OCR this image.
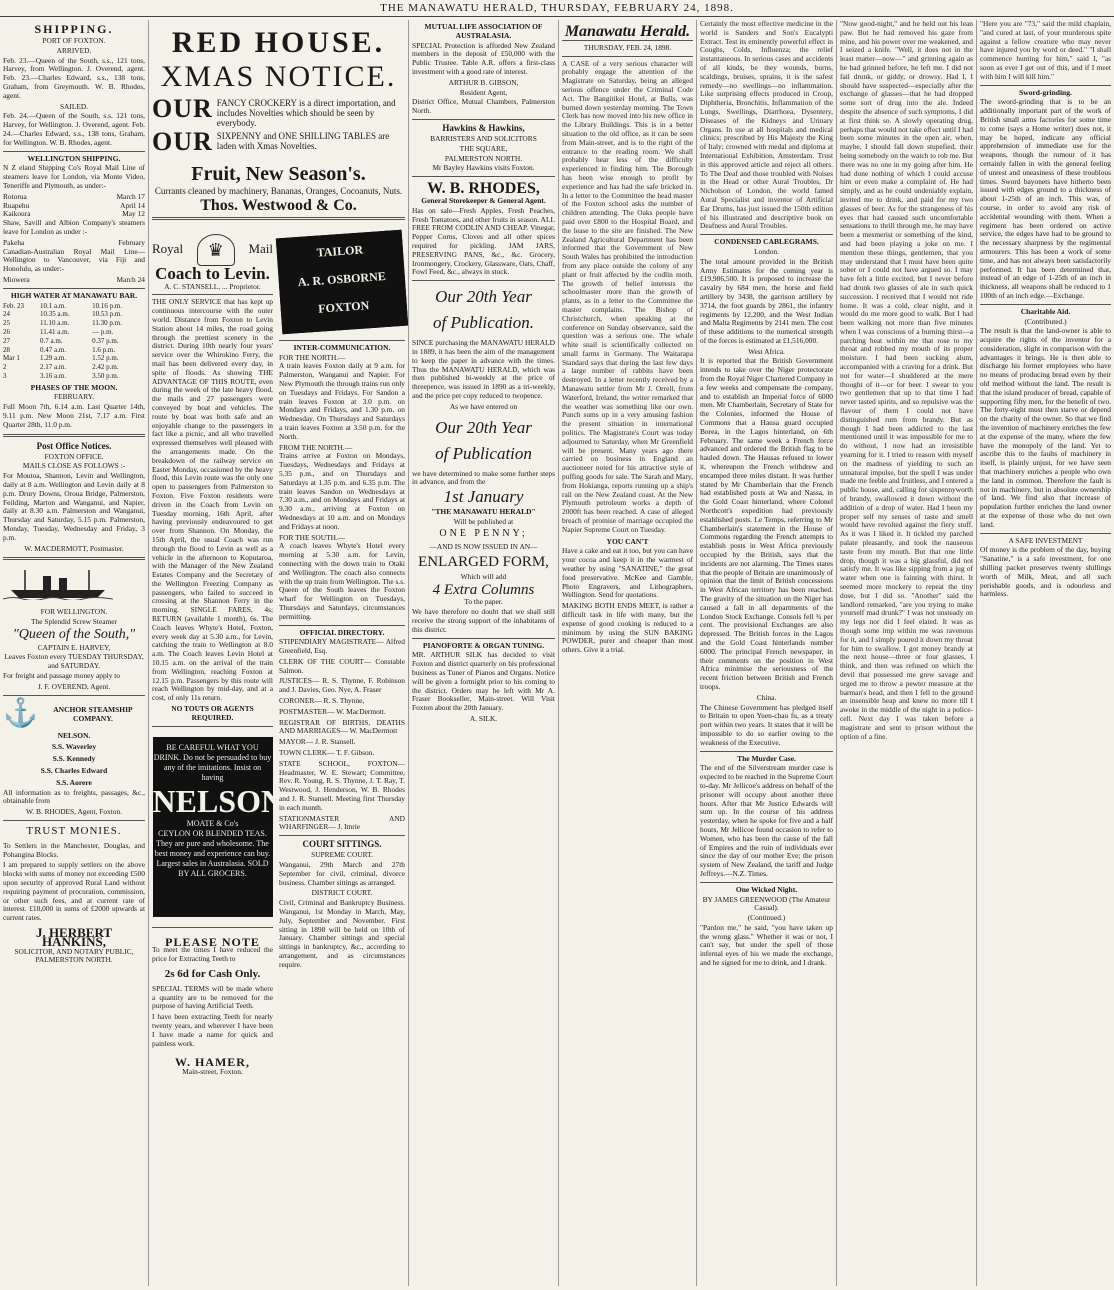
THE MANAWATU HERALD, THURSDAY, FEBRUARY 24, 1898.
SHIPPING.
PORT OF FOXTON.
ARRIVED.
Feb. 23.—Queen of the South, s.s., 121 tons, Harvey, from Wellington. J. Overend, agent. Feb. 23.—Charles Edward, s.s., 138 tons, Graham, from Greymouth. W. B. Rhodes, agent.
SAILED.
Feb. 24.—Queen of the South, s.s. 121 tons, Harvey, for Wellington. J. Overend, agent. Feb. 24.—Charles Edward, s.s., 138 tons, Graham, for Wellington. W. B. Rhodes, agent.
WELLINGTON SHIPPING.
N Z eland Shipping Co's Royal Mail Line of steamers leave for London, via Monte Video, Teneriffe and Plymouth, as under:-
Rotorua	March 17
Ruapehu	April 14
Kaikoura	May 12
Shaw, Savill and Albion Company's steamers leave for London as under :-
Pakeha	February
Canadian-Australian Royal Mail Line—Wellington to Vancouver, via Fiji and Honolulu, as under:-
Miowera	March 24
HIGH WATER AT MANAWATU BAR.
Feb. 23	10.1 a.m.	10.16 p.m.
24	10.35 a.m.	10.53 p.m.
25	11.10 a.m.	11.30 p.m.
26	11.41 a.m.	— p.m.
27	0.7 a.m.	0.37 p.m.
28	0.47 a.m.	1.6 p.m.
Mar 1	1.29 a.m.	1.52 p.m.
2	2.17 a.m.	2.42 p.m.
3	3.16 a.m.	3.50 p.m.
PHASES OF THE MOON.
FEBRUARY.
Full Moon 7th, 6.14 a.m. Last Quarter 14th, 9.11 p.m. New Moon 21st, 7.17 a.m. First Quarter 28th, 11.0 p.m.
Post Office Notices.
FOXTON OFFICE.
MAILS CLOSE AS FOLLOWS :-
For Moutoa, Shannon, Levin and Wellington, daily at 8 a.m. Wellington and Levin daily at 8 p.m. Drury Downs, Oroua Bridge, Palmerston, Feilding, Marton and Wanganui, and Napier, daily at 8.30 a.m. Palmerston and Wanganui, Thursday and Saturday, 5.15 p.m. Palmerston, Monday, Tuesday, Wednesday and Friday, 3 p.m.
W. MACDERMOTT, Postmaster.
FOR WELLINGTON.
The Splendid Screw Steamer
"Queen of the South,"
CAPTAIN E. HARVEY,
Leaves Foxton every TUESDAY THURSDAY, and SATURDAY.
For freight and passage money apply to
J. F. OVEREND, Agent.
⚓	ANCHOR STEAMSHIP COMPANY.
NELSON.
S.S. Waverley
S.S. Kennedy
S.S. Charles Edward
S.S. Aorere
All information as to freights, passages, &c., obtainable from
W. B. RHODES, Agent, Foxton.
TRUST MONIES.
To Settlers in the Manchester, Douglas, and Pohangina Blocks.
I am prepared to supply settlers on the above blocks with sums of money not exceeding £500 upon security of approved Rural Land without requiring payment of procuration, commission, or other such fees, and at current rate of interest. £10,000 in sums of £2000 upwards at current rates.
J. HERBERT HANKINS,
SOLICITOR, AND NOTARY PUBLIC, PALMERSTON NORTH.
RED HOUSE.
XMAS NOTICE.
OUR FANCY CROCKERY is a direct importation, and includes Novelties which should be seen by everybody.
OUR SIXPENNY and ONE SHILLING TABLES are laden with Xmas Novelties.
Fruit, New Season's.
Currants cleaned by machinery, Bananas, Oranges, Cocoanuts, Nuts.
Thos. Westwood & Co.
Royal	♛	Mail
Coach to Levin.
A. C. STANSELL, ... Proprietor.
THE ONLY SERVICE that has kept up continuous intercourse with the outer world. Distance from Foxton to Levin Station about 14 miles, the road going through the prettiest scenery in the district. During 10th nearly four years' service over the Whirokino Ferry, the mail has been delivered every day, in spite of floods. As showing THE ADVANTAGE OF THIS ROUTE, even during the week of the late heavy flood, the mails and 27 passengers were conveyed by boat and vehicles. The route by boat was both safe and an enjoyable change to the passengers in fact like a picnic, and all who travelled expressed themselves well pleased with the arrangements made. On the breakdown of the railway service on Easter Monday, occasioned by the heavy flood, this Levin route was the only one open to passengers from Palmerston to Foxton. Five Foxton residents were driven in the Coach from Levin on Tuesday morning, 16th April, after having previously endeavoured to get over from Shannon. On Monday, the 15th April, the usual Coach was run through the flood to Levin as well as a vehicle in the afternoon to Koputaroa, with the Manager of the New Zealand Estates Company and the Secretary of the Wellington Freezing Company as passengers, who failed to succeed in crossing at the Shannon Ferry in the morning. SINGLE FARES, 4s; RETURN (available 1 month), 6s. The Coach leaves Whyte's Hotel, Foxton, every week day at 5.30 a.m., for Levin, catching the train to Wellington at 8.0 a.m. The Coach leaves Levin Hotel at 10.15 a.m. on the arrival of the train from Wellington, reaching Foxton at 12.15 p.m. Passengers by this route will reach Wellington by mid-day, and at a cost, of only 11s return.
NO TOUTS OR AGENTS REQUIRED.
BE CAREFUL WHAT YOU DRINK. Do not be persuaded to buy any of the imitations. Insist on having
NELSON
MOATE & Co's
CEYLON OR BLENDED TEAS. They are pure and wholesome. The best money and experience can buy. Largest sales in Australasia. SOLD BY ALL GROCERS.
PLEASE NOTE
To meet the times I have reduced the price for Extracting Teeth to
2s 6d for Cash Only.
SPECIAL TERMS will be made where a quantity are to be removed for the purpose of having Artificial Teeth.
I have been extracting Teeth for nearly twenty years, and wherever I have been I have made a name for quick and painless work.
W. HAMER,
Main-street, Foxton.
TAILOR
A. R. OSBORNE
FOXTON
INTER-COMMUNICATION.
FOR THE NORTH.—
A train leaves Foxton daily at 9 a.m. for Palmerston, Wanganui and Napier. For New Plymouth the through trains run only on Tuesdays and Fridays. For Sandon a train leaves Foxton at 3.0 p.m. on Mondays and Fridays, and 1.30 p.m. on Wednesday. On Thursdays and Saturdays a train leaves Foxton at 3.50 p.m. for the North.
FROM THE NORTH.—
Trains arrive at Foxton on Mondays, Tuesdays, Wednesdays and Fridays at 5.35 p.m., and on Thursdays and Saturdays at 1.35 p.m. and 6.35 p.m. The train leaves Sandon on Wednesdays at 7.30 a.m., and on Mondays and Fridays at 9.30 a.m., arriving at Foxton on Wednesdays at 10 a.m. and on Mondays and Fridays at noon.
FOR THE SOUTH.—
A coach leaves Whyte's Hotel every morning at 5.30 a.m. for Levin, connecting with the down train to Otaki and Wellington. The coach also connects with the up train from Wellington. The s.s. Queen of the South leaves the Foxton wharf for Wellington on Tuesdays, Thursdays and Saturdays, circumstances permitting.
OFFICIAL DIRECTORY.
STIPENDIARY MAGISTRATE— Alfred Greenfield, Esq.
CLERK OF THE COURT— Constable Salmon.
JUSTICES— R. S. Thynne, F. Robinson and J. Davies, Geo. Nye, A. Fraser
CORONER— R. S. Thynne,
POSTMASTER— W. MacDermott.
REGISTRAR OF BIRTHS, DEATHS AND MARRIAGES— W. MacDermott
MAYOR— J. R. Stansell.
TOWN CLERK— T. F. Gibson.
STATE SCHOOL, FOXTON— Headmaster, W. E. Stewart; Committee, Rev. R. Young, R. S. Thynne, J. T. Ray, T. Westwood, J. Henderson, W. B. Rhodes and J. R. Stansell. Meeting first Thursday in each month.
STATIONMASTER AND WHARFINGER— J. Imrie
COURT SITTINGS.
SUPREME COURT.
Wanganui, 29th March and 27th September for civil, criminal, divorce business. Chamber sittings as arranged.
DISTRICT COURT.
Civil, Criminal and Bankruptcy Business. Wanganui, 1st Monday in March, May, July, September and November. First sitting in 1898 will be held on 10th of January. Chamber sittings and special sittings in bankruptcy, &c., according to arrangement, and as circumstances require.
MUTUAL LIFE ASSOCIATION OF AUSTRALASIA.
SPECIAL Protection is afforded New Zealand members in the deposit of £50,000 with the Public Trustee. Table A.R. offers a first-class investment with a good rate of interest.
ARTHUR B. GIBSON,
Resident Agent,
District Office, Mutual Chambers, Palmerston North.
Hawkins & Hawkins,
BARRISTERS AND SOLICITORS
THE SQUARE,
PALMERSTON NORTH.
Mr Bayley Hawkins visits Foxton.
W. B. RHODES,
General Storekeeper & General Agent.
Has on sale—Fresh Apples, Fresh Peaches, Fresh Tomatoes, and other fruits in season. ALL FREE FROM CODLIN AND CHEAP. Vinegar, Pepper Corns, Cloves and all other spices required for pickling. JAM JARS, PRESERVING PANS, &c., &c. Grocery, Ironmongery, Crockery, Glassware, Oats, Chaff, Fowl Feed, &c., always in stock.
Our 20th Year
of Publication.
SINCE purchasing the MANAWATU HERALD in 1889, it has been the aim of the management to keep the paper in advance with the times. Thus the MANAWATU HERALD, which was then published bi-weekly at the price of threepence, was issued in 1890 as a tri-weekly, and the price per copy reduced to twopence.
As we have entered on
Our 20th Year
of Publication
we have determined to make some further steps in advance, and from the
1st January
"THE MANAWATU HERALD"
Will be published at
ONE PENNY;
—AND IS NOW ISSUED IN AN—
ENLARGED FORM,
Which will add
4 Extra Columns
To the paper.
We have therefore no doubt that we shall still receive the strong support of the inhabitants of this district.
PIANOFORTE & ORGAN TUNING.
MR. ARTHUR SILK has decided to visit Foxton and district quarterly on his professional business as Tuner of Pianos and Organs. Notice will be given a fortnight prior to his coming to the district. Orders may be left with Mr A. Fraser Bookseller, Main-street. Will Visit Foxton about the 20th January.
A. SILK.
Manawatu Herald.
THURSDAY, FEB. 24, 1898.
A CASE of a very serious character will probably engage the attention of the Magistrate on Saturday, being an alleged serious offence under the Criminal Code Act. The Bangitikei Hotel, at Bulls, was burned down yesterday morning. The Town Clerk has now moved into his new office in the Library Buildings. This is in a better situation to the old office, as it can be seen from Main-street, and is to the right of the entrance to the reading room. We shall probably hear less of the difficulty experienced in finding him. The Borough has been wise enough to profit by experience and has had the safe bricked in. In a letter to the Committee the head master of the Foxton school asks the number of children attending. The Oaks people have paid over £800 to the Hospital Board, and the lease to the site are finished. The New Zealand Agricultural Department has been informed that the Government of New South Wales has prohibited the introduction from any place outside the colony of any plant or fruit affected by the codlin moth. The growth of belief interests the schoolmaster more than the growth of plants, as in a letter to the Committee the master complains. The Bishop of Christchurch, when speaking at the conference on Sunday observance, said the question was a serious one. The whale white snail is scientifically collected on small farms in Germany. The Waitarapa Standard says that during the last few days a large number of rabbits have been destroyed. In a letter recently received by a Manawatu settler from Mr J. Orrell, from Waterford, Ireland, the writer remarked that the weather was something like our own. Punch sums up in a very amusing fashion the present situation in international politics. The Magistrate's Court was today adjourned to Saturday, when Mr Greenfield will be present. Many years ago there carried on business in England an auctioneer noted for his attractive style of puffing goods for sale. The Sarah and Mary, from Hokianga, reports running up a ship's rail on the New Zealand coast. At the New Plymouth petroleum works a depth of 2000ft has been reached. A case of alleged breach of promise of marriage occupied the Napier Supreme Court on Tuesday.
YOU CAN'T
Have a cake and eat it too, but you can have your cocoa and keep it in the warmest of weather by using "SANATINE," the great food preservative. McKee and Gamble, Photo Engravers, and Lithographers, Wellington. Send for quotations.
MAKING BOTH ENDS MEET, is rather a difficult task in life with many, but the expense of good cooking is reduced to a minimum by using the SUN BAKING POWDER, purer and cheaper than most others. Give it a trial.
Certainly the most effective medicine in the world is Sanders and Son's Eucalypti Extract. Test its eminently powerful effect in Coughs, Colds, Influenza; the relief instantaneous. In serious cases and accidents of all kinds, be they wounds, burns, scaldings, bruises, sprains, it is the safest remedy—no swellings—no inflammation. Like surprising effects produced in Croup, Diphtheria, Bronchitis, Inflammation of the Lungs, Swellings, Diarrhoea, Dysentery, Diseases of the Kidneys and Urinary Organs. In use at all hospitals and medical clinics; prescribed by His Majesty the King of Italy; crowned with medal and diploma at International Exhibition, Amsterdam. Trust in this approved article and reject all others. To The Deaf and those troubled with Noises in the Head or other Aural Troubles, Dr Nicholson of London, the world famed Aural Specialist and inventor of Artificial Ear Drums, has just issued the 150th edition of his illustrated and descriptive book on Deafness and Aural Troubles.
CONDENSED CABLEGRAMS.
London.
The total amount provided in the British Army Estimates for the coming year is £19,986,500. It is proposed to increase the cavalry by 684 men, the horse and field artillery by 3438, the garrison artillery by 3714, the foot guards by 2861, the infantry regiments by 12,200, and the West Indian and Malta Regiments by 2141 men. The cost of these additions to the numerical strength of the forces is estimated at £1,516,000.
West Africa.
It is reported that the British Government intends to take over the Niger protectorate from the Royal Niger Chartered Company in a few weeks and compensate the company, and to establish an Imperial force of 6000 men. Mr Chamberlain, Secretary of State for the Colonies, informed the House of Commons that a Hausa guard occupied Borea, in the Lagos hinterland, on 6th February. The same week a French force advanced and ordered the British flag to be hauled down. The Hausas refused to lower it, whereupon the French withdrew and encamped three miles distant. It was further stated by Mr Chamberlain that the French had established posts at Wa and Nassa, in the Gold Coast hinterland, where Colonel Northcott's expedition had previously established posts. Le Temps, referring to Mr Chamberlain's statement in the House of Commons regarding the French attempts to establish posts in West Africa previously occupied by the British, says that the incidents are not alarming. The Times states that the people of Britain are unanimously of opinion that the limit of British concessions in West African territory has been reached. The gravity of the situation on the Niger has caused a fall in all departments of the London Stock Exchange. Consols fell ¾ per cent. The provisional Exchanges are also depressed. The British forces in the Lagos and the Gold Coast hinterlands number 6000. The principal French newspaper, in their comments on the position in West Africa minimise the seriousness of the recent friction between British and French troops.
China.
The Chinese Government has pledged itself to Britain to open Yuen-chau fu, as a treaty port within two years. It states that it will be impossible to do so earlier owing to the weakness of the Executive.
The Murder Case.
The end of the Silverstream murder case is expected to be reached in the Supreme Court to-day. Mr Jellicoe's address on behalf of the prisoner will occupy about another three hours. After that Mr Justice Edwards will sum up. In the course of his address yesterday, when he spoke for five and a half hours, Mr Jellicoe found occasion to refer to Women, who has been the cause of the fall of Empires and the ruin of individuals ever since the day of our mother Eve; the prison system of New Zealand, the tariff and Judge Jeffreys.—N.Z. Times.
One Wicked Night.
BY JAMES GREENWOOD (The Amateur Casual).
(Continued.)
"Pardon me," he said, "you have taken up the wrong glass." Whether it was or not, I can't say, but under the spell of those infernal eyes of his we made the exchange, and he signed for me to drink, and I drank.
"Now good-night," and he held out his lean paw. But he had removed his gaze from mine, and his power over me weakened, and I seized a knife. "Well, it does not in the least matter—now—" and grinning again as he had grinned before, he left me. I did not fail drunk, or giddy, or drowsy. Had I, I should have suspected—especially after the exchange of glasses—that he had dropped some sort of drug into the ale. Indeed despite the absence of such symptoms, I did at first think so. A slowly operating drug, perhaps that would not take effect until I had been some minutes in the open air, when, maybe, I should fall down stupefied, their being somebody on the watch to rob me. But there was no one in my going after him. He had done nothing of which I could accuse him or even make a complaint of. He had simply, and as he could undeniably explain, invited me to drink, and paid for my two glasses of beer. As for the strangeness of his eyes that had caused such uncomfortable sensations to thrill through me, he may have been a mesmerist or something of the kind, and had been playing a joke on me. I mention these things, gentlemen, that you may understand that I must have been quite sober or I could not have argued so. I may have felt a little excited, but I never before had drunk two glasses of ale in such quick succession. I received that I would not ride home. It was a cold, clear night, and it would do me more good to walk. But I had been walking not more than five minutes when I was conscious of a burning thirst—a parching heat within me that rose to my throat and robbed my mouth of its proper moisture. I had been sucking alum, accompanied with a craving for a drink. But not for water—I shuddered at the mere thought of it—or for beer. I swear to you two gentlemen that up to that time I had never tasted spirits, and so repulsive was the flavour of them I could not have distinguished rum from brandy. But as though I had been addicted to the last mentioned until it was impossible for me to do without, I now had an irresistible yearning for it. I tried to reason with myself on the madness of yielding to such an unnatural impulse, but the spell I was under made me feeble and fruitless, and I entered a public house, and, calling for sixpennyworth of brandy, swallowed it down without the addition of a drop of water. Had I been my proper self my senses of taste and smell would have revolted against the fiery stuff. As it was I liked it. It tickled my parched palate pleasantly, and took the nauseous taste from my mouth. But that one little drop, though it was a big glassful, did not satisfy me. It was like sipping from a jug of water when one is fainting with thirst. It seemed more mockery to repeat the tiny dose, but I did so. "Another" said the landlord remarked, "are you trying to make yourself mad drunk?" I was not unsteady on my legs nor did I feel elated. It was as though some imp within me was ravenous for it, and I simply poured it down my throat for him to swallow. I got money brandy at the next house—three or four glasses, I think, and then was refused on which the devil that possessed me grew savage and urged me to throw a pewter measure at the barman's head, and then I fell to the ground an insensible heap and knew no more till I awoke in the middle of the night in a police-cell. Next day I was taken before a magistrate and sent to prison without the option of a fine.
"Here you are "73," said the mild chaplain, "and cured at last, of your murderous spite against a fellow creature who may never have injured you by word or deed." "I shall commence hunting for him," said I, "as soon as ever I get out of this, and if I meet with him I will kill him."
Sword-grinding.
The sword-grinding that is to be an additionally important part of the work of British small arms factories for some time to come (says a Home writer) does not, it may be hoped, indicate any official apprehension of immediate use for the weapons, though the rumour of it has certainly fallen in with the general feeling of unrest and uneasiness of these troublous times. Sword bayonets have hitherto been issued with edges ground to a thickness of about 1-25th of an inch. This was, of course, in order to avoid any risk of accidental wounding with them. When a regiment has been ordered on active service, the edges have had to be ground to the necessary sharpness by the regimental armourers. This has been a work of some time, and has not always been satisfactorily performed. It has been determined that, instead of an edge of 1-25th of an inch in thickness, all weapons shall be reduced to 1 100th of an inch edge.—Exchange.
Charitable Aid.
(Contributed.)
The result is that the land-owner is able to acquire the rights of the inventor for a consideration, slight in comparison with the advantages it brings. He is then able to discharge his former employees who have no means of producing bread even by their old method without the land. The result is that the island producer of bread, capable of supporting fifty men, for the benefit of two. The forty-eight must then starve or depend on the charity of the owner. So that we find the invention of machinery enriches the few at the expense of the many, where the few have the monopoly of the land. Yet to ascribe this to the faults of machinery in itself, is plainly unjust, for we have seen that machinery enriches a people who own the land in common. Therefore the fault is not in machinery, but in absolute ownership of land. We find also that increase of population further enriches the land owner at the expense of those who do not own land.
A SAFE INVESTMENT
Of money is the problem of the day, buying "Sanatine," is a safe investment, for one shilling packet preserves twenty shillings worth of Milk, Meat, and all such perishable goods, and is odourless and harmless.
